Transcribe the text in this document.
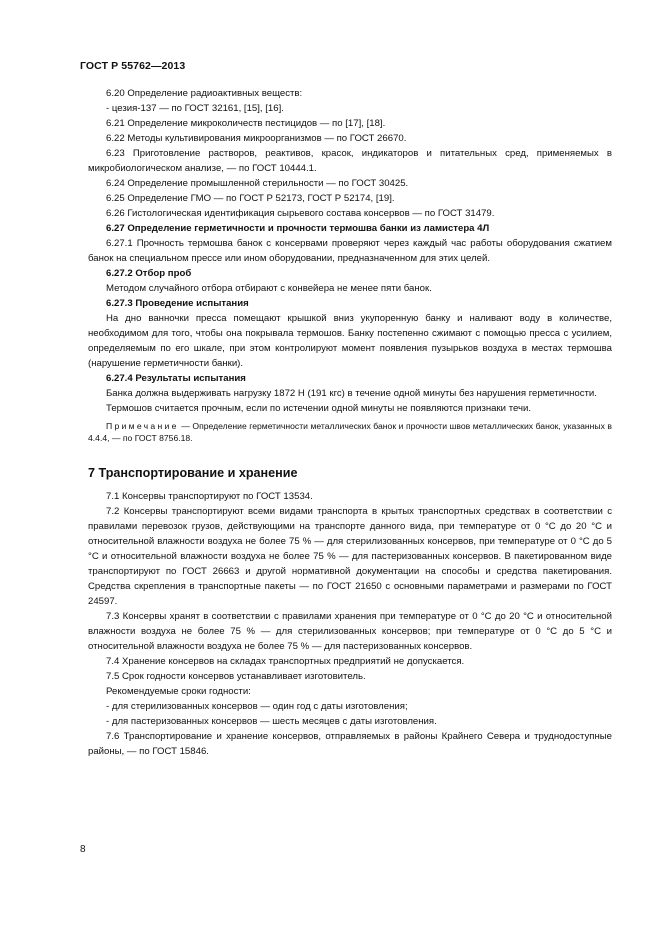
ГОСТ Р 55762—2013

6.20 Определение радиоактивных веществ:

- цезия-137 — по ГОСТ 32161, [15], [16].

6.21 Определение микроколичеств пестицидов — по [17], [18].

6.22 Методы культивирования микроорганизмов — по ГОСТ 26670.

6.23 Приготовление растворов, реактивов, красок, индикаторов и питательных сред, применяемых в микробиологическом анализе, — по ГОСТ 10444.1.

6.24 Определение промышленной стерильности — по ГОСТ 30425.

6.25 Определение ГМО — по ГОСТ Р 52173, ГОСТ Р 52174, [19].

6.26 Гистологическая идентификация сырьевого состава консервов — по ГОСТ 31479.

6.27 Определение герметичности и прочности термошва банки из ламистера 4Л

6.27.1 Прочность термошва банок с консервами проверяют через каждый час работы оборудования сжатием банок на специальном прессе или ином оборудовании, предназначенном для этих целей.

6.27.2 Отбор проб

Методом случайного отбора отбирают с конвейера не менее пяти банок.

6.27.3 Проведение испытания

На дно ванночки пресса помещают крышкой вниз укупоренную банку и наливают воду в количестве, необходимом для того, чтобы она покрывала термошов. Банку постепенно сжимают с помощью пресса с усилием, определяемым по его шкале, при этом контролируют момент появления пузырьков воздуха в местах термошва (нарушение герметичности банки).

6.27.4 Результаты испытания

Банка должна выдерживать нагрузку 1872 Н (191 кгс) в течение одной минуты без нарушения герметичности.

Термошов считается прочным, если по истечении одной минуты не появляются признаки течи.

Примечание — Определение герметичности металлических банок и прочности швов металлических банок, указанных в 4.4.4, — по ГОСТ 8756.18.

7 Транспортирование и хранение

7.1 Консервы транспортируют по ГОСТ 13534.

7.2 Консервы транспортируют всеми видами транспорта в крытых транспортных средствах в соответствии с правилами перевозок грузов, действующими на транспорте данного вида, при температуре от 0 °С до 20 °С и относительной влажности воздуха не более 75 % — для стерилизованных консервов, при температуре от 0 °С до 5 °С и относительной влажности воздуха не более 75 % — для пастеризованных консервов. В пакетированном виде транспортируют по ГОСТ 26663 и другой нормативной документации на способы и средства пакетирования. Средства скрепления в транспортные пакеты — по ГОСТ 21650 с основными параметрами и размерами по ГОСТ 24597.

7.3 Консервы хранят в соответствии с правилами хранения при температуре от 0 °С до 20 °С и относительной влажности воздуха не более 75 % — для стерилизованных консервов; при температуре от 0 °С до 5 °С и относительной влажности воздуха не более 75 % — для пастеризованных консервов.

7.4 Хранение консервов на складах транспортных предприятий не допускается.

7.5 Срок годности консервов устанавливает изготовитель.

Рекомендуемые сроки годности:

- для стерилизованных консервов — один год с даты изготовления;

- для пастеризованных консервов — шесть месяцев с даты изготовления.

7.6 Транспортирование и хранение консервов, отправляемых в районы Крайнего Севера и труднодоступные районы, — по ГОСТ 15846.

8
